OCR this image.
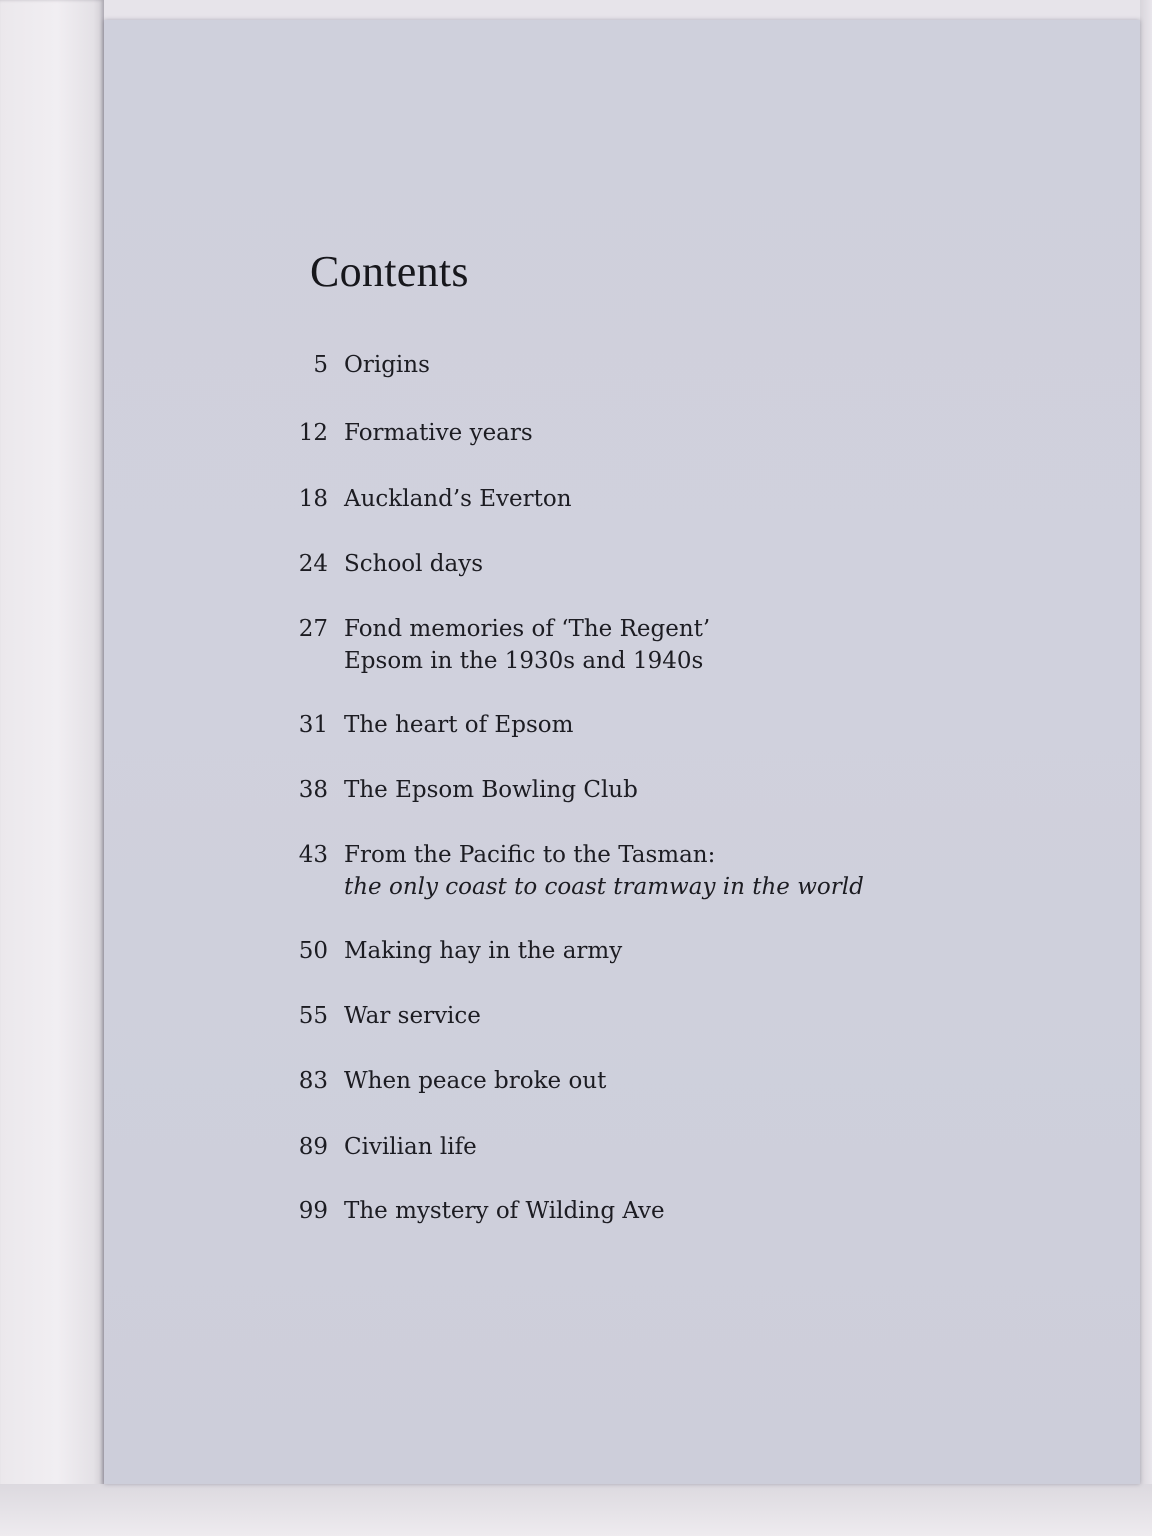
Contents
5 Origins
12 Formative years
18 Auckland’s Everton
24 School days
27 Fond memories of ‘The Regent’
Epsom in the 1930s and 1940s
31 The heart of Epsom
38 The Epsom Bowling Club
43 From the Pacific to the Tasman:
the only coast to coast tramway in the world
50 Making hay in the army
55 War service
83 When peace broke out
89 Civilian life
99 The mystery of Wilding Ave
